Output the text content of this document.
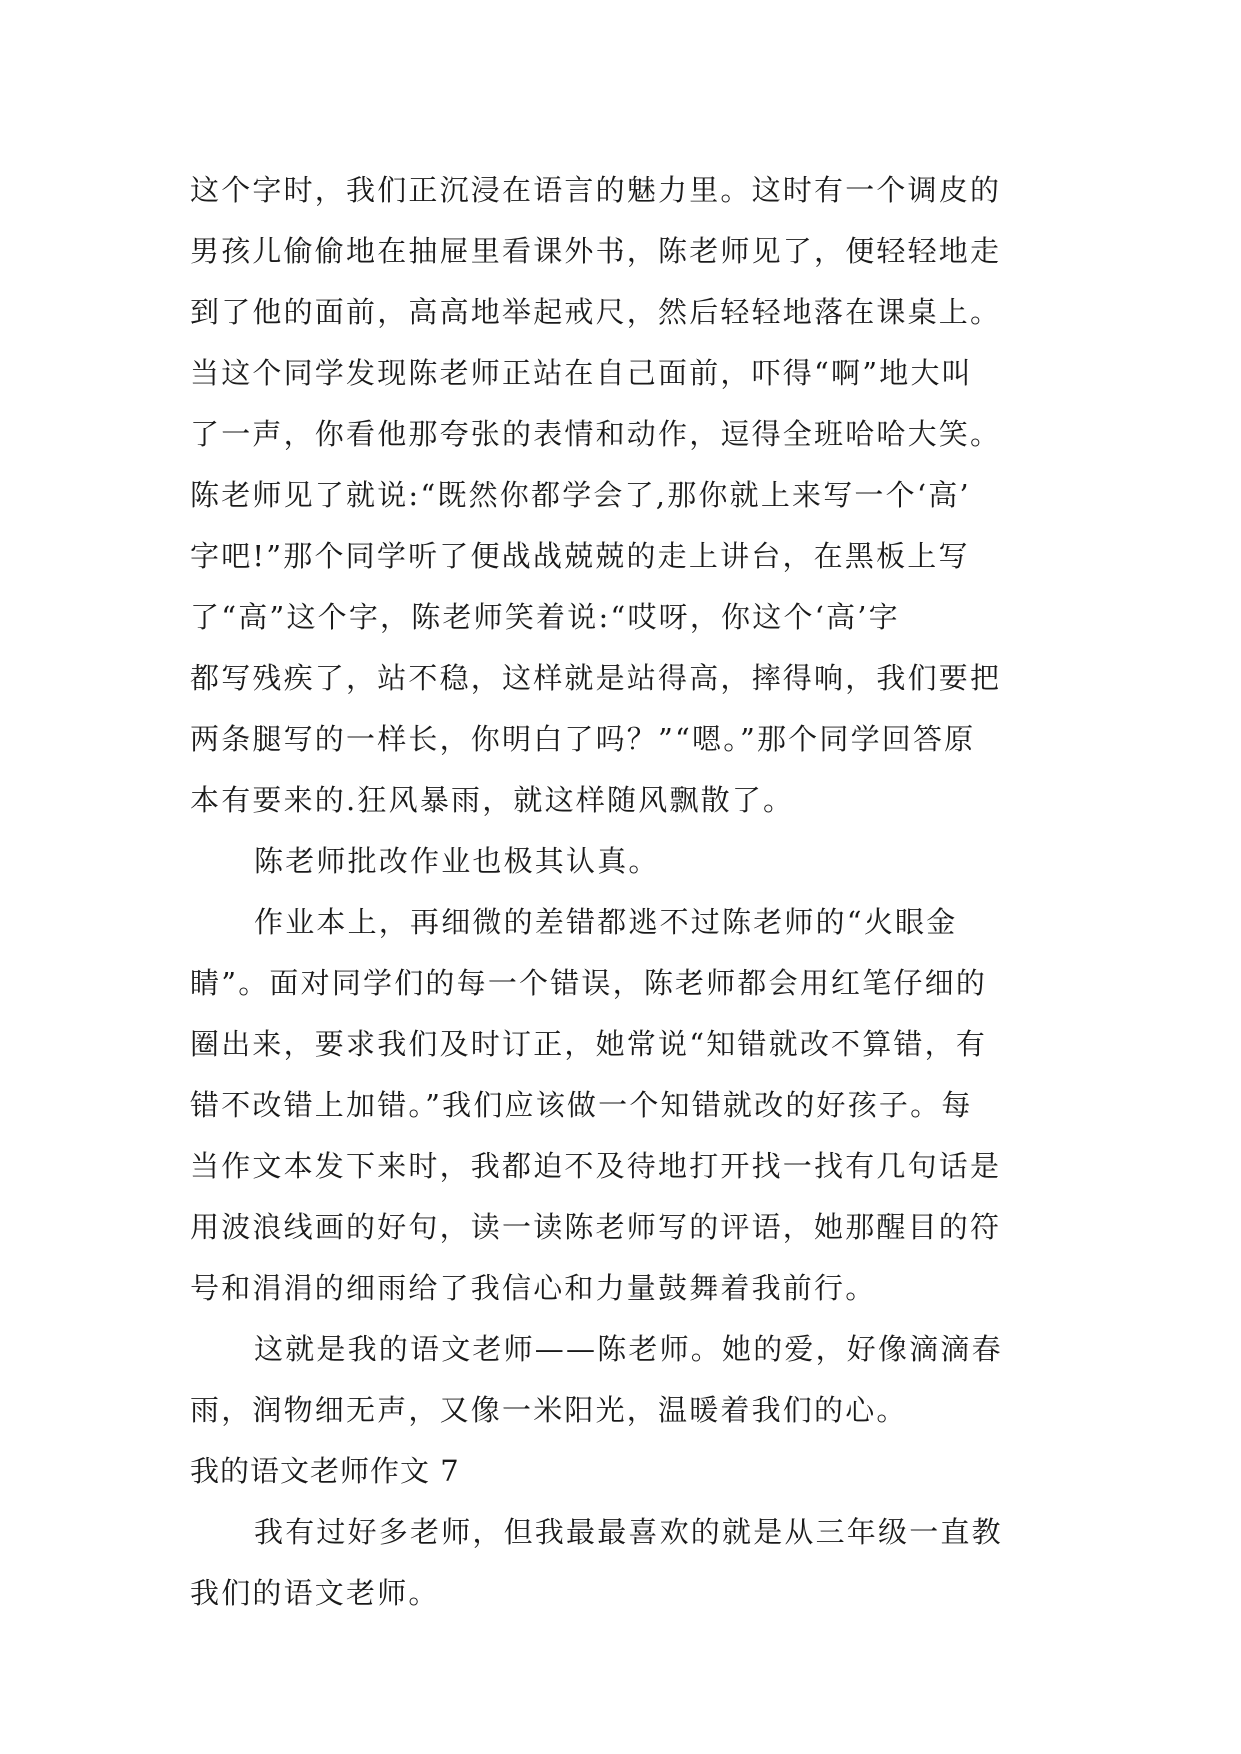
这个字时，我们正沉浸在语言的魅力里。这时有一个调皮的
男孩儿偷偷地在抽屉里看课外书，陈老师见了，便轻轻地走
到了他的面前，高高地举起戒尺，然后轻轻地落在课桌上。
当这个同学发现陈老师正站在自己面前，吓得“啊”地大叫
了一声，你看他那夸张的表情和动作，逗得全班哈哈大笑。
陈老师见了就说:“既然你都学会了,那你就上来写一个‘高’
字吧!”那个同学听了便战战兢兢的走上讲台，在黑板上写
了“高”这个字，陈老师笑着说:“哎呀，你这个‘高’字
都写残疾了，站不稳，这样就是站得高，摔得响，我们要把
两条腿写的一样长，你明白了吗？”“嗯。”那个同学回答原
本有要来的.狂风暴雨，就这样随风飘散了。
陈老师批改作业也极其认真。
作业本上，再细微的差错都逃不过陈老师的“火眼金
睛”。面对同学们的每一个错误，陈老师都会用红笔仔细的
圈出来，要求我们及时订正，她常说“知错就改不算错，有
错不改错上加错。”我们应该做一个知错就改的好孩子。每
当作文本发下来时，我都迫不及待地打开找一找有几句话是
用波浪线画的好句，读一读陈老师写的评语，她那醒目的符
号和涓涓的细雨给了我信心和力量鼓舞着我前行。
这就是我的语文老师——陈老师。她的爱，好像滴滴春
雨，润物细无声，又像一米阳光，温暖着我们的心。
我的语文老师作文 7
我有过好多老师，但我最最喜欢的就是从三年级一直教
我们的语文老师。
